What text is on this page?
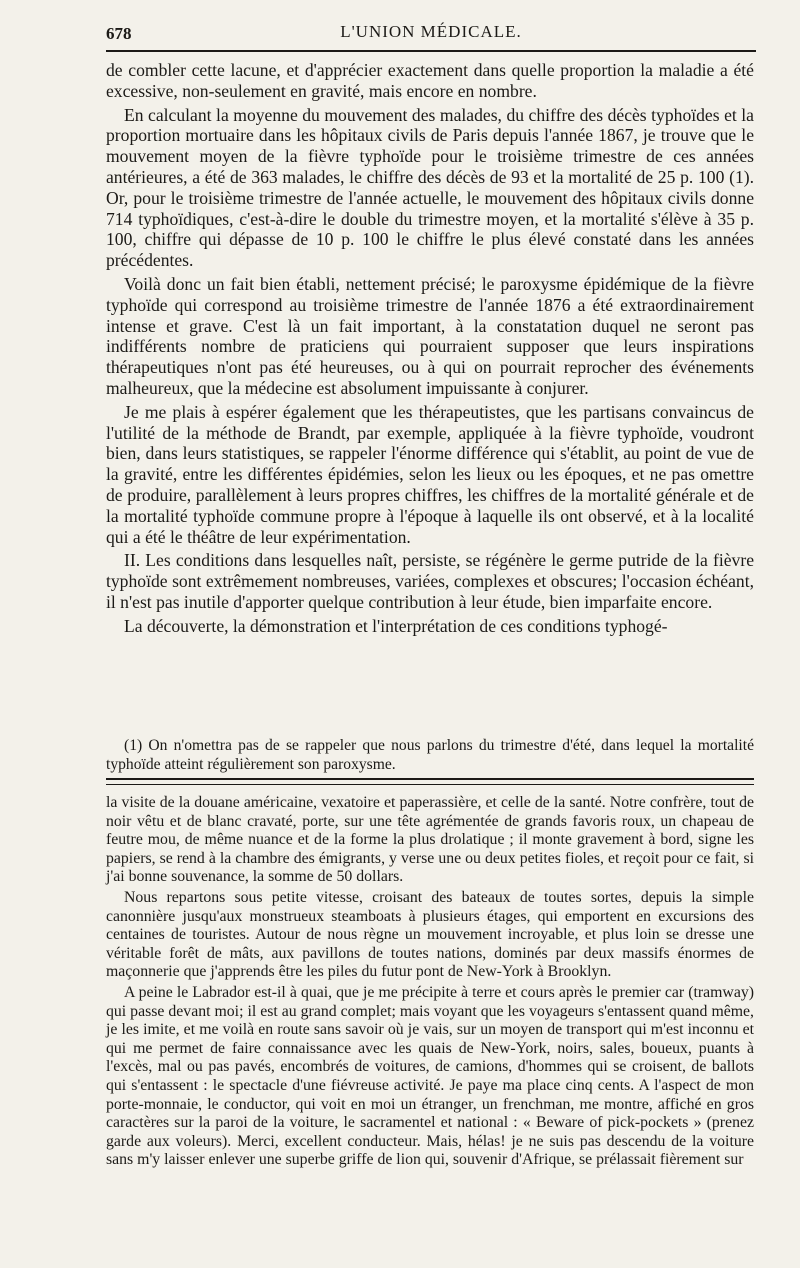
678	L'UNION MÉDICALE.

de combler cette lacune, et d'apprécier exactement dans quelle proportion la maladie a été excessive, non-seulement en gravité, mais encore en nombre.

En calculant la moyenne du mouvement des malades, du chiffre des décès typhoïdes et la proportion mortuaire dans les hôpitaux civils de Paris depuis l'année 1867, je trouve que le mouvement moyen de la fièvre typhoïde pour le troisième trimestre de ces années antérieures, a été de 363 malades, le chiffre des décès de 93 et la mortalité de 25 p. 100 (1). Or, pour le troisième trimestre de l'année actuelle, le mouvement des hôpitaux civils donne 714 typhoïdiques, c'est-à-dire le double du trimestre moyen, et la mortalité s'élève à 35 p. 100, chiffre qui dépasse de 10 p. 100 le chiffre le plus élevé constaté dans les années précédentes.

Voilà donc un fait bien établi, nettement précisé; le paroxysme épidémique de la fièvre typhoïde qui correspond au troisième trimestre de l'année 1876 a été extraordinairement intense et grave. C'est là un fait important, à la constatation duquel ne seront pas indifférents nombre de praticiens qui pourraient supposer que leurs inspirations thérapeutiques n'ont pas été heureuses, ou à qui on pourrait reprocher des événements malheureux, que la médecine est absolument impuissante à conjurer.

Je me plais à espérer également que les thérapeutistes, que les partisans convaincus de l'utilité de la méthode de Brandt, par exemple, appliquée à la fièvre typhoïde, voudront bien, dans leurs statistiques, se rappeler l'énorme différence qui s'établit, au point de vue de la gravité, entre les différentes épidémies, selon les lieux ou les époques, et ne pas omettre de produire, parallèlement à leurs propres chiffres, les chiffres de la mortalité générale et de la mortalité typhoïde commune propre à l'époque à laquelle ils ont observé, et à la localité qui a été le théâtre de leur expérimentation.

II. Les conditions dans lesquelles naît, persiste, se régénère le germe putride de la fièvre typhoïde sont extrêmement nombreuses, variées, complexes et obscures; l'occasion échéant, il n'est pas inutile d'apporter quelque contribution à leur étude, bien imparfaite encore.

La découverte, la démonstration et l'interprétation de ces conditions typhogé-

(1) On n'omettra pas de se rappeler que nous parlons du trimestre d'été, dans lequel la mortalité typhoïde atteint régulièrement son paroxysme.

la visite de la douane américaine, vexatoire et paperassière, et celle de la santé. Notre confrère, tout de noir vêtu et de blanc cravaté, porte, sur une tête agrémentée de grands favoris roux, un chapeau de feutre mou, de même nuance et de la forme la plus drolatique ; il monte gravement à bord, signe les papiers, se rend à la chambre des émigrants, y verse une ou deux petites fioles, et reçoit pour ce fait, si j'ai bonne souvenance, la somme de 50 dollars.

Nous repartons sous petite vitesse, croisant des bateaux de toutes sortes, depuis la simple canonnière jusqu'aux monstrueux steamboats à plusieurs étages, qui emportent en excursions des centaines de touristes. Autour de nous règne un mouvement incroyable, et plus loin se dresse une véritable forêt de mâts, aux pavillons de toutes nations, dominés par deux massifs énormes de maçonnerie que j'apprends être les piles du futur pont de New-York à Brooklyn.

A peine le Labrador est-il à quai, que je me précipite à terre et cours après le premier car (tramway) qui passe devant moi; il est au grand complet; mais voyant que les voyageurs s'entassent quand même, je les imite, et me voilà en route sans savoir où je vais, sur un moyen de transport qui m'est inconnu et qui me permet de faire connaissance avec les quais de New-York, noirs, sales, boueux, puants à l'excès, mal ou pas pavés, encombrés de voitures, de camions, d'hommes qui se croisent, de ballots qui s'entassent : le spectacle d'une fiévreuse activité. Je paye ma place cinq cents. A l'aspect de mon porte-monnaie, le conductor, qui voit en moi un étranger, un frenchman, me montre, affiché en gros caractères sur la paroi de la voiture, le sacramentel et national : « Beware of pick-pockets » (prenez garde aux voleurs). Merci, excellent conducteur. Mais, hélas! je ne suis pas descendu de la voiture sans m'y laisser enlever une superbe griffe de lion qui, souvenir d'Afrique, se prélassait fièrement sur
